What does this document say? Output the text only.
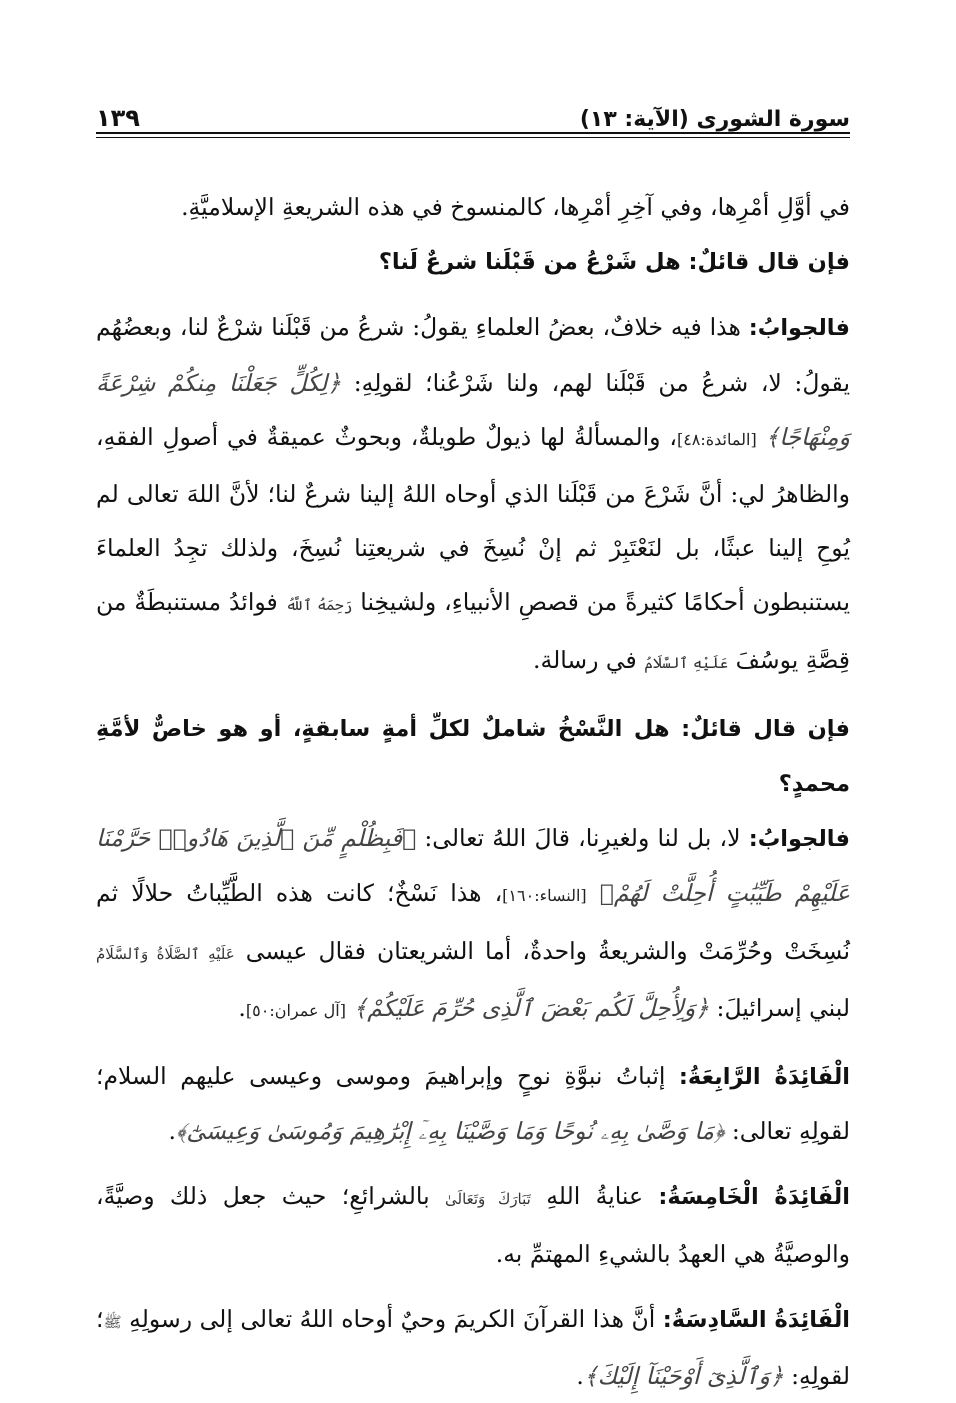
سورة الشورى (الآية: ١٣)
١٣٩

في أوَّلِ أمْرِها، وفي آخِرِ أمْرِها، كالمنسوخ في هذه الشريعةِ الإسلاميَّةِ.

فإن قال قائلٌ: هل شَرْعُ من قَبْلَنا شرعٌ لَنا؟

فالجوابُ: هذا فيه خلافٌ، بعضُ العلماءِ يقولُ: شرعُ من قَبْلَنا شرْعٌ لنا، وبعضُهُم يقولُ: لا، شرعُ من قَبْلَنا لهم، ولنا شَرْعُنا؛ لقولِهِ: ﴿لِكُلٍّ جَعَلْنَا مِنكُمْ شِرْعَةً وَمِنْهَاجًا﴾ [المائدة:٤٨]، والمسألةُ لها ذيولٌ طويلةٌ، وبحوثٌ عميقةٌ في أصولِ الفقهِ، والظاهرُ لي: أنَّ شَرْعَ من قَبْلَنا الذي أوحاه اللهُ إلينا شرعٌ لنا؛ لأنَّ اللهَ تعالى لم يُوحِ إلينا عبثًا، بل لنَعْتَبِرْ ثم إنْ نُسِخَ في شريعتِنا نُسِخَ، ولذلك تجِدُ العلماءَ يستنبطون أحكامًا كثيرةً من قصصِ الأنبياءِ، ولشيخِنا رَحِمَهُ ٱللَّهُ فوائدُ مستنبطَةٌ من قِصَّةِ يوسُفَ عَلَيْهِ ٱلسَّلَامُ في رسالة.

فإن قال قائلٌ: هل النَّسْخُ شاملٌ لكلِّ أمةٍ سابقةٍ، أو هو خاصٌّ لأمَّةِ محمدٍ؟

فالجوابُ: لا، بل لنا ولغيرِنا، قالَ اللهُ تعالى: ﴿فَبِظُلْمٍ مِّنَ ٱلَّذِينَ هَادُوا۟ حَرَّمْنَا عَلَيْهِمْ طَيِّبَٰتٍ أُحِلَّتْ لَهُمْ﴾ [النساء:١٦٠]، هذا نَسْخٌ؛ كانت هذه الطَّيِّباتُ حلالًا ثم نُسِخَتْ وحُرِّمَتْ والشريعةُ واحدةٌ، أما الشريعتان فقال عيسى عَلَيْهِ ٱلصَّلَاةُ وَٱلسَّلَامُ لبني إسرائيلَ: ﴿وَلِأُحِلَّ لَكُم بَعْضَ ٱلَّذِى حُرِّمَ عَلَيْكُمْ﴾ [آل عمران:٥٠].

الْفَائِدَةُ الرَّابِعَةُ: إثباتُ نبوَّةِ نوحٍ وإبراهيمَ وموسى وعيسى عليهم السلام؛ لقولِهِ تعالى: ﴿مَا وَصَّىٰ بِهِۦ نُوحًا وَمَا وَصَّيْنَا بِهِۦٓ إِبْرَٰهِيمَ وَمُوسَىٰ وَعِيسَىٰٓ﴾.

الْفَائِدَةُ الْخَامِسَةُ: عنايةُ اللهِ تَبَارَكَ وَتَعَالَىٰ بالشرائعِ؛ حيث جعل ذلك وصيَّةً، والوصيَّةُ هي العهدُ بالشيءِ المهتمِّ به.

الْفَائِدَةُ السَّادِسَةُ: أنَّ هذا القرآنَ الكريمَ وحيٌ أوحاه اللهُ تعالى إلى رسولِهِ ﷺ؛ لقولِهِ: ﴿وَٱلَّذِىٓ أَوْحَيْنَآ إِلَيْكَ﴾.
